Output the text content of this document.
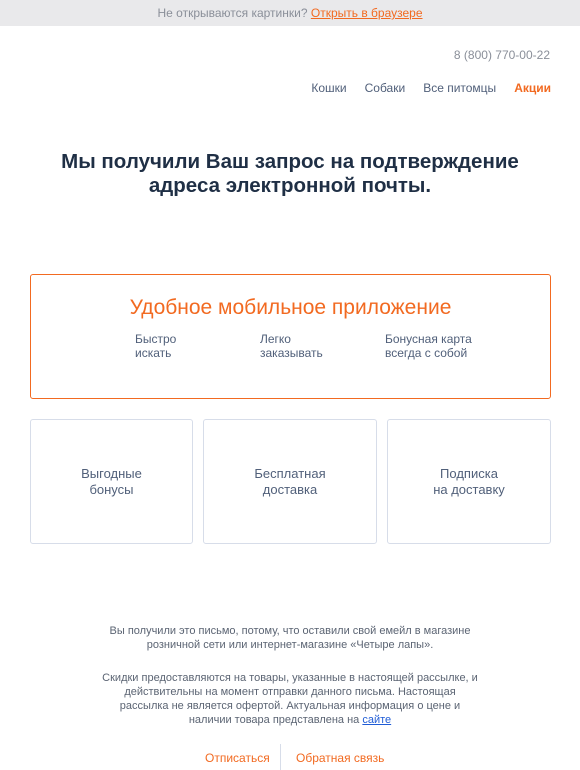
Не открываются картинки? Открыть в браузере
8 (800) 770-00-22
Кошки Собаки Все питомцы Акции
Мы получили Ваш запрос на подтверждение адреса электронной почты.
Удобное мобильное приложение
Быстро
искать
Легко
заказывать
Бонусная карта
всегда с собой
Выгодные
бонусы
Бесплатная
доставка
Подписка
на доставку
Вы получили это письмо, потому, что оставили свой емейл в магазине розничной сети или интернет-магазине «Четыре лапы».
Скидки предоставляются на товары, указанные в настоящей рассылке, и действительны на момент отправки данного письма. Настоящая рассылка не является офертой. Актуальная информация о цене и наличии товара представлена на сайте
Отписаться Обратная связь
